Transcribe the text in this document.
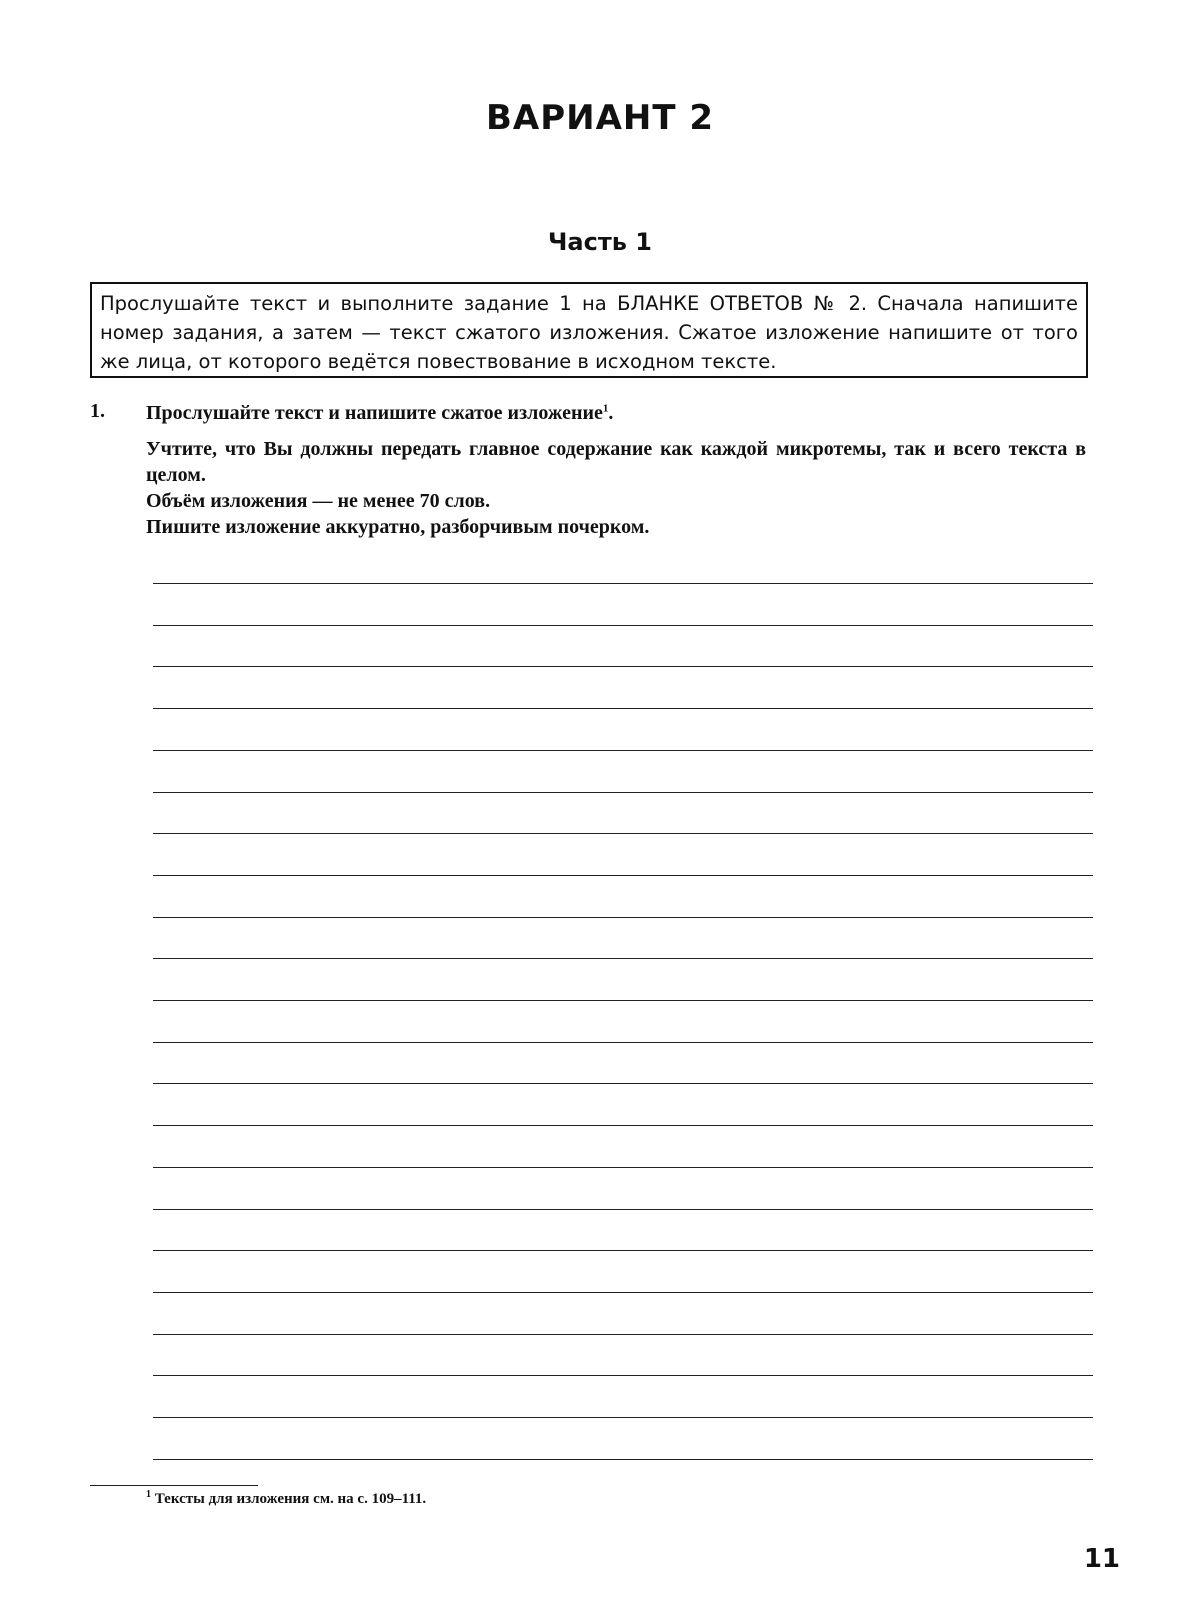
ВАРИАНТ 2
Часть 1
Прослушайте текст и выполните задание 1 на БЛАНКЕ ОТВЕТОВ № 2. Сначала напишите номер задания, а затем — текст сжатого изложения. Сжатое изложение напишите от того же лица, от которого ведётся повествование в исходном тексте.
1. Прослушайте текст и напишите сжатое изложение$^1$.

Учтите, что Вы должны передать главное содержание как каждой микротемы, так и всего текста в целом.

Объём изложения — не менее 70 слов.

Пишите изложение аккуратно, разборчивым почерком.

$^1$ Тексты для изложения см. на с. 109–111.
11
